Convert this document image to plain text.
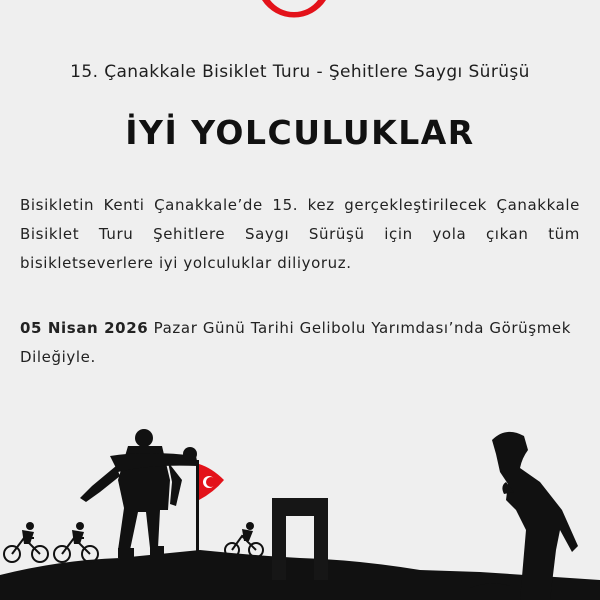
15. Çanakkale Bisiklet Turu - Şehitlere Saygı Sürüşü
İYİ YOLCULUKLAR
Bisikletin Kenti Çanakkale’de 15. kez gerçekleştirilecek Çanakkale Bisiklet Turu Şehitlere Saygı Sürüşü için yola çıkan tüm bisikletseverlere iyi yolculuklar diliyoruz.
05 Nisan 2026 Pazar Günü Tarihi Gelibolu Yarımdası’nda Görüşmek Dileğiyle.
